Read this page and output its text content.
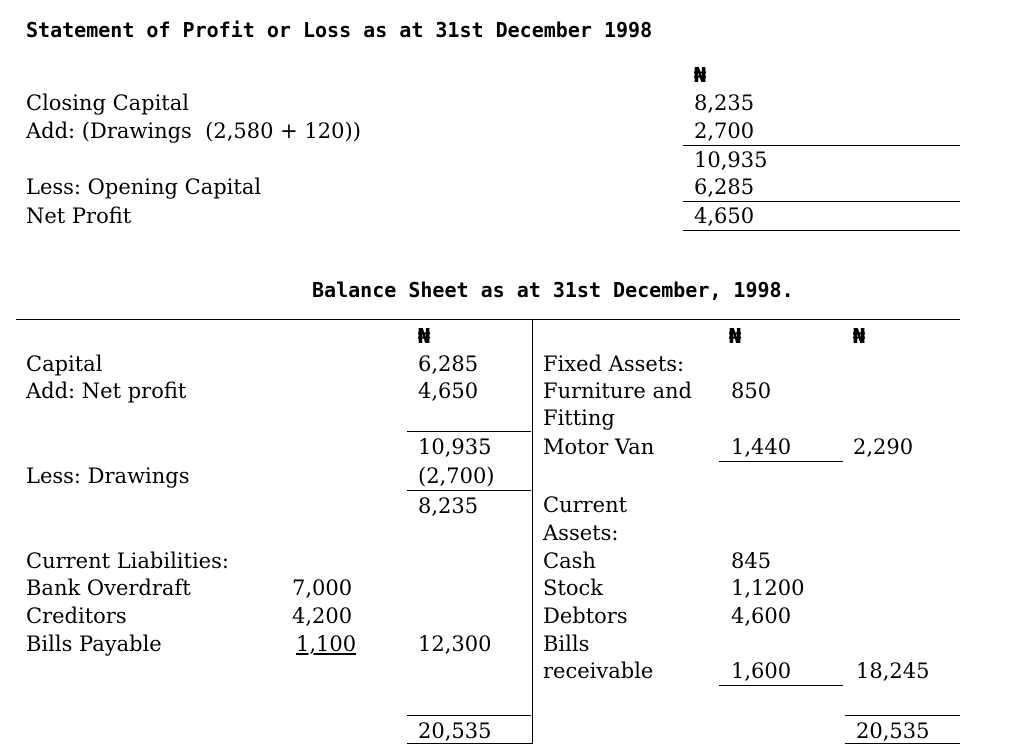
Statement of Profit or Loss as at 31st December 1998
₦
Closing Capital	8,235
Add: (Drawings  (2,580 + 120))	2,700
10,935
Less: Opening Capital	6,285
Net Profit	4,650
Balance Sheet as at 31st December, 1998.
₦	₦	₦
Capital	6,285
Add: Net profit	4,650
10,935
Less: Drawings	(2,700)
8,235
Current Liabilities:
Bank Overdraft	7,000
Creditors	4,200
Bills Payable	1,100	12,300
20,535
Fixed Assets:
Furniture and 850
Fitting
Motor Van	1,440	2,290
Current
Assets:
Cash	845
Stock	1,1200
Debtors	4,600
Bills
receivable	1,600	18,245
20,535
